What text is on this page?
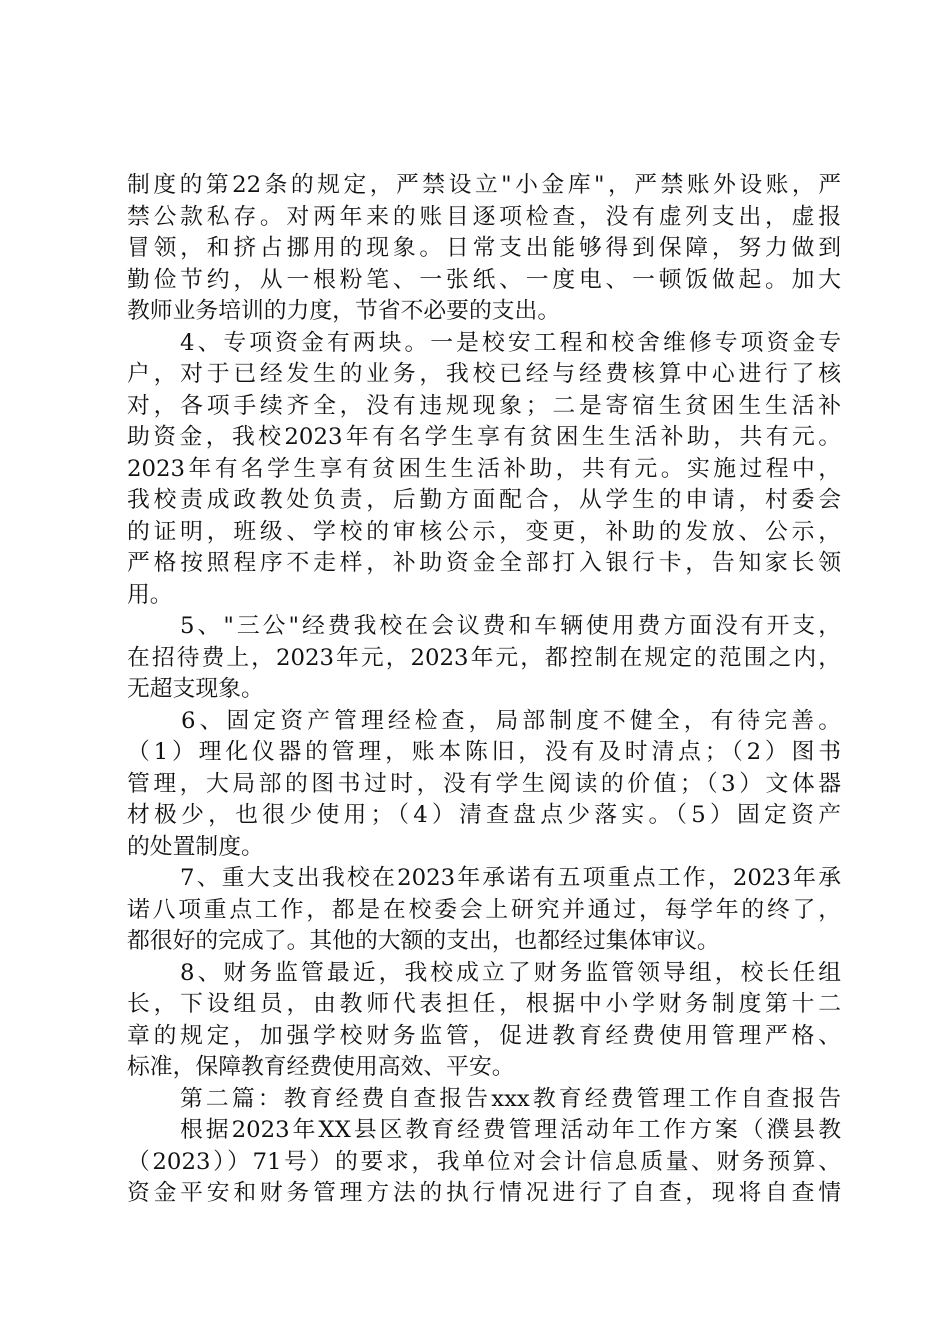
制度的第22条的规定，严禁设立"小金库"，严禁账外设账，严
禁公款私存。对两年来的账目逐项检查，没有虚列支出，虚报
冒领，和挤占挪用的现象。日常支出能够得到保障，努力做到
勤俭节约，从一根粉笔、一张纸、一度电、一顿饭做起。加大
教师业务培训的力度，节省不必要的支出。
4、专项资金有两块。一是校安工程和校舍维修专项资金专
户，对于已经发生的业务，我校已经与经费核算中心进行了核
对，各项手续齐全，没有违规现象；二是寄宿生贫困生生活补
助资金，我校2023年有名学生享有贫困生生活补助，共有元。
2023年有名学生享有贫困生生活补助，共有元。实施过程中，
我校责成政教处负责，后勤方面配合，从学生的申请，村委会
的证明，班级、学校的审核公示，变更，补助的发放、公示，
严格按照程序不走样，补助资金全部打入银行卡，告知家长领
用。
5、"三公"经费我校在会议费和车辆使用费方面没有开支，
在招待费上，2023年元，2023年元，都控制在规定的范围之内，
无超支现象。
6、固定资产管理经检查，局部制度不健全，有待完善。
（1）理化仪器的管理，账本陈旧，没有及时清点；（2）图书
管理，大局部的图书过时，没有学生阅读的价值；（3）文体器
材极少，也很少使用；（4）清查盘点少落实。（5）固定资产
的处置制度。
7、重大支出我校在2023年承诺有五项重点工作，2023年承
诺八项重点工作，都是在校委会上研究并通过，每学年的终了，
都很好的完成了。其他的大额的支出，也都经过集体审议。
8、财务监管最近，我校成立了财务监管领导组，校长任组
长，下设组员，由教师代表担任，根据中小学财务制度第十二
章的规定，加强学校财务监管，促进教育经费使用管理严格、
标准，保障教育经费使用高效、平安。
第二篇：教育经费自查报告xxx教育经费管理工作自查报告
根据2023年XX县区教育经费管理活动年工作方案（濮县教
（2023））71号）的要求，我单位对会计信息质量、财务预算、
资金平安和财务管理方法的执行情况进行了自查，现将自查情
